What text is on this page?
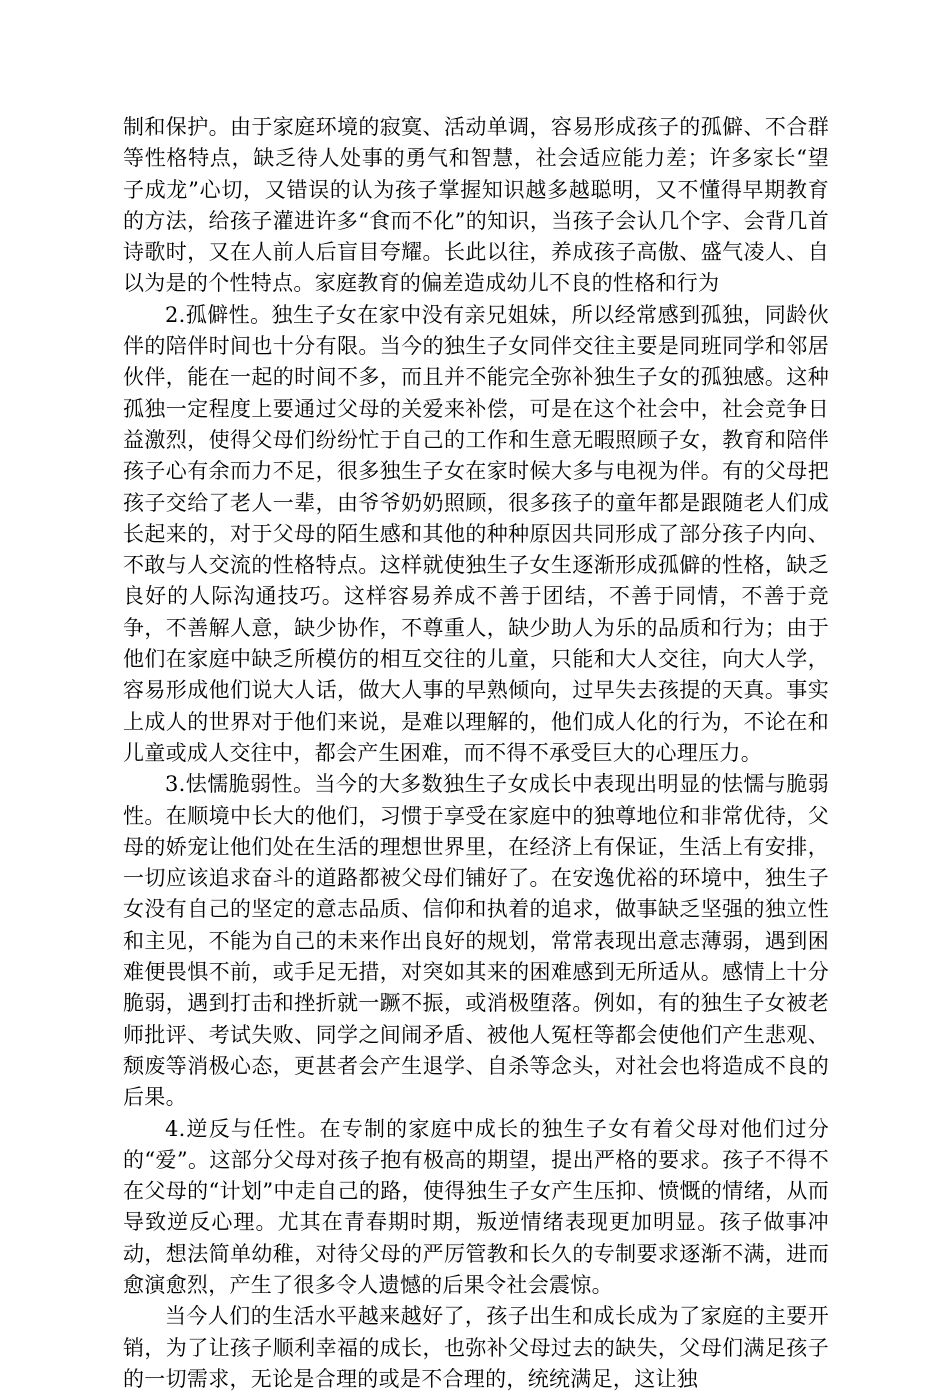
制和保护。由于家庭环境的寂寞、活动单调，容易形成孩子的孤僻、不合群等性格特点，缺乏待人处事的勇气和智慧，社会适应能力差；许多家长“望子成龙”心切，又错误的认为孩子掌握知识越多越聪明，又不懂得早期教育的方法，给孩子灌进许多“食而不化”的知识，当孩子会认几个字、会背几首诗歌时，又在人前人后盲目夸耀。长此以往，养成孩子高傲、盛气凌人、自以为是的个性特点。家庭教育的偏差造成幼儿不良的性格和行为

2.孤僻性。独生子女在家中没有亲兄姐妹，所以经常感到孤独，同龄伙伴的陪伴时间也十分有限。当今的独生子女同伴交往主要是同班同学和邻居伙伴，能在一起的时间不多，而且并不能完全弥补独生子女的孤独感。这种孤独一定程度上要通过父母的关爱来补偿，可是在这个社会中，社会竞争日益激烈，使得父母们纷纷忙于自己的工作和生意无暇照顾子女，教育和陪伴孩子心有余而力不足，很多独生子女在家时候大多与电视为伴。有的父母把孩子交给了老人一辈，由爷爷奶奶照顾，很多孩子的童年都是跟随老人们成长起来的，对于父母的陌生感和其他的种种原因共同形成了部分孩子内向、不敢与人交流的性格特点。这样就使独生子女生逐渐形成孤僻的性格，缺乏良好的人际沟通技巧。这样容易养成不善于团结，不善于同情，不善于竞争，不善解人意，缺少协作，不尊重人，缺少助人为乐的品质和行为；由于他们在家庭中缺乏所模仿的相互交往的儿童，只能和大人交往，向大人学，容易形成他们说大人话，做大人事的早熟倾向，过早失去孩提的天真。事实上成人的世界对于他们来说，是难以理解的，他们成人化的行为，不论在和儿童或成人交往中，都会产生困难，而不得不承受巨大的心理压力。

3.怯懦脆弱性。当今的大多数独生子女成长中表现出明显的怯懦与脆弱性。在顺境中长大的他们，习惯于享受在家庭中的独尊地位和非常优待，父母的娇宠让他们处在生活的理想世界里，在经济上有保证，生活上有安排，一切应该追求奋斗的道路都被父母们铺好了。在安逸优裕的环境中，独生子女没有自己的坚定的意志品质、信仰和执着的追求，做事缺乏坚强的独立性和主见，不能为自己的未来作出良好的规划，常常表现出意志薄弱，遇到困难便畏惧不前，或手足无措，对突如其来的困难感到无所适从。感情上十分脆弱，遇到打击和挫折就一蹶不振，或消极堕落。例如，有的独生子女被老师批评、考试失败、同学之间闹矛盾、被他人冤枉等都会使他们产生悲观、颓废等消极心态，更甚者会产生退学、自杀等念头，对社会也将造成不良的后果。

4.逆反与任性。在专制的家庭中成长的独生子女有着父母对他们过分的“爱”。这部分父母对孩子抱有极高的期望，提出严格的要求。孩子不得不在父母的“计划”中走自己的路，使得独生子女产生压抑、愤慨的情绪，从而导致逆反心理。尤其在青春期时期，叛逆情绪表现更加明显。孩子做事冲动，想法简单幼稚，对待父母的严厉管教和长久的专制要求逐渐不满，进而愈演愈烈，产生了很多令人遗憾的后果令社会震惊。

当今人们的生活水平越来越好了，孩子出生和成长成为了家庭的主要开销，为了让孩子顺利幸福的成长，也弥补父母过去的缺失，父母们满足孩子的一切需求，无论是合理的或是不合理的，统统满足，这让独
